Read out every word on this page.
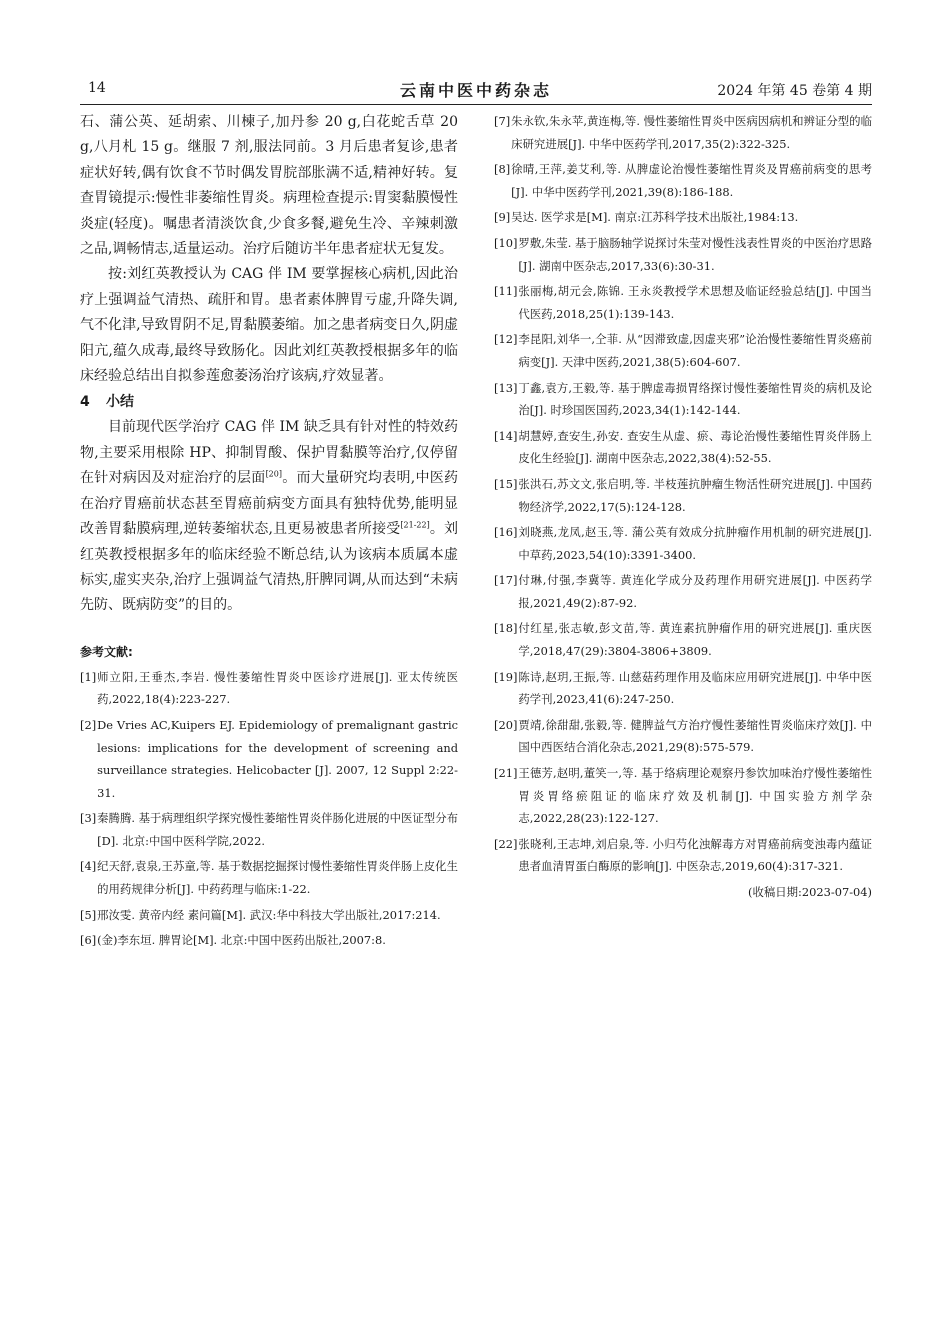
14	云南中医中药杂志	2024 年第 45 卷第 4 期

石、蒲公英、延胡索、川楝子,加丹参 20 g,白花蛇舌草 20 g,八月札 15 g。继服 7 剂,服法同前。3 月后患者复诊,患者症状好转,偶有饮食不节时偶发胃脘部胀满不适,精神好转。复查胃镜提示:慢性非萎缩性胃炎。病理检查提示:胃窦黏膜慢性炎症(轻度)。嘱患者清淡饮食,少食多餐,避免生冷、辛辣刺激之品,调畅情志,适量运动。治疗后随访半年患者症状无复发。

按:刘红英教授认为 CAG 伴 IM 要掌握核心病机,因此治疗上强调益气清热、疏肝和胃。患者素体脾胃亏虚,升降失调,气不化津,导致胃阴不足,胃黏膜萎缩。加之患者病变日久,阴虚阳亢,蕴久成毒,最终导致肠化。因此刘红英教授根据多年的临床经验总结出自拟参莲愈萎汤治疗该病,疗效显著。

4 小结

目前现代医学治疗 CAG 伴 IM 缺乏具有针对性的特效药物,主要采用根除 HP、抑制胃酸、保护胃黏膜等治疗,仅停留在针对病因及对症治疗的层面[20]。而大量研究均表明,中医药在治疗胃癌前状态甚至胃癌前病变方面具有独特优势,能明显改善胃黏膜病理,逆转萎缩状态,且更易被患者所接受[21-22]。刘红英教授根据多年的临床经验不断总结,认为该病本质属本虚标实,虚实夹杂,治疗上强调益气清热,肝脾同调,从而达到“未病先防、既病防变”的目的。

参考文献:
[1] 师立阳,王垂杰,李岩. 慢性萎缩性胃炎中医诊疗进展[J]. 亚太传统医药,2022,18(4):223-227.
[2] De Vries AC,Kuipers EJ. Epidemiology of premalignant gastric lesions: implications for the development of screening and surveillance strategies. Helicobacter [J]. 2007, 12 Suppl 2:22-31.
[3] 秦腾腾. 基于病理组织学探究慢性萎缩性胃炎伴肠化进展的中医证型分布[D]. 北京:中国中医科学院,2022.
[4] 纪天舒,袁泉,王苏童,等. 基于数据挖掘探讨慢性萎缩性胃炎伴肠上皮化生的用药规律分析[J]. 中药药理与临床:1-22.
[5] 邢汝雯. 黄帝内经 素问篇[M]. 武汉:华中科技大学出版社,2017:214.
[6] (金)李东垣. 脾胃论[M]. 北京:中国中医药出版社,2007:8.
[7] 朱永钦,朱永苹,黄连梅,等. 慢性萎缩性胃炎中医病因病机和辨证分型的临床研究进展[J]. 中华中医药学刊,2017,35(2):322-325.
[8] 徐晴,王萍,姜艾利,等. 从脾虚论治慢性萎缩性胃炎及胃癌前病变的思考[J]. 中华中医药学刊,2021,39(8):186-188.
[9] 吴达. 医学求是[M]. 南京:江苏科学技术出版社,1984:13.
[10] 罗敷,朱莹. 基于脑肠轴学说探讨朱莹对慢性浅表性胃炎的中医治疗思路[J]. 湖南中医杂志,2017,33(6):30-31.
[11] 张丽梅,胡元会,陈锦. 王永炎教授学术思想及临证经验总结[J]. 中国当代医药,2018,25(1):139-143.
[12] 李昆阳,刘华一,仝菲. 从“因滞致虚,因虚夹邪”论治慢性萎缩性胃炎癌前病变[J]. 天津中医药,2021,38(5):604-607.
[13] 丁鑫,袁方,王毅,等. 基于脾虚毒损胃络探讨慢性萎缩性胃炎的病机及论治[J]. 时珍国医国药,2023,34(1):142-144.
[14] 胡慧婷,查安生,孙安. 查安生从虚、瘀、毒论治慢性萎缩性胃炎伴肠上皮化生经验[J]. 湖南中医杂志,2022,38(4):52-55.
[15] 张洪石,苏文文,张启明,等. 半枝莲抗肿瘤生物活性研究进展[J]. 中国药物经济学,2022,17(5):124-128.
[16] 刘晓燕,龙凤,赵玉,等. 蒲公英有效成分抗肿瘤作用机制的研究进展[J]. 中草药,2023,54(10):3391-3400.
[17] 付琳,付强,李冀等. 黄连化学成分及药理作用研究进展[J]. 中医药学报,2021,49(2):87-92.
[18] 付红星,张志敏,彭文苗,等. 黄连素抗肿瘤作用的研究进展[J]. 重庆医学,2018,47(29):3804-3806+3809.
[19] 陈诗,赵玥,王振,等. 山慈菇药理作用及临床应用研究进展[J]. 中华中医药学刊,2023,41(6):247-250.
[20] 贾靖,徐甜甜,张毅,等. 健脾益气方治疗慢性萎缩性胃炎临床疗效[J]. 中国中西医结合消化杂志,2021,29(8):575-579.
[21] 王德芳,赵明,董笑一,等. 基于络病理论观察丹参饮加味治疗慢性萎缩性胃炎胃络瘀阻证的临床疗效及机制[J]. 中国实验方剂学杂志,2022,28(23):122-127.
[22] 张晓利,王志坤,刘启泉,等. 小归芍化浊解毒方对胃癌前病变浊毒内蕴证患者血清胃蛋白酶原的影响[J]. 中医杂志,2019,60(4):317-321.
(收稿日期:2023-07-04)
